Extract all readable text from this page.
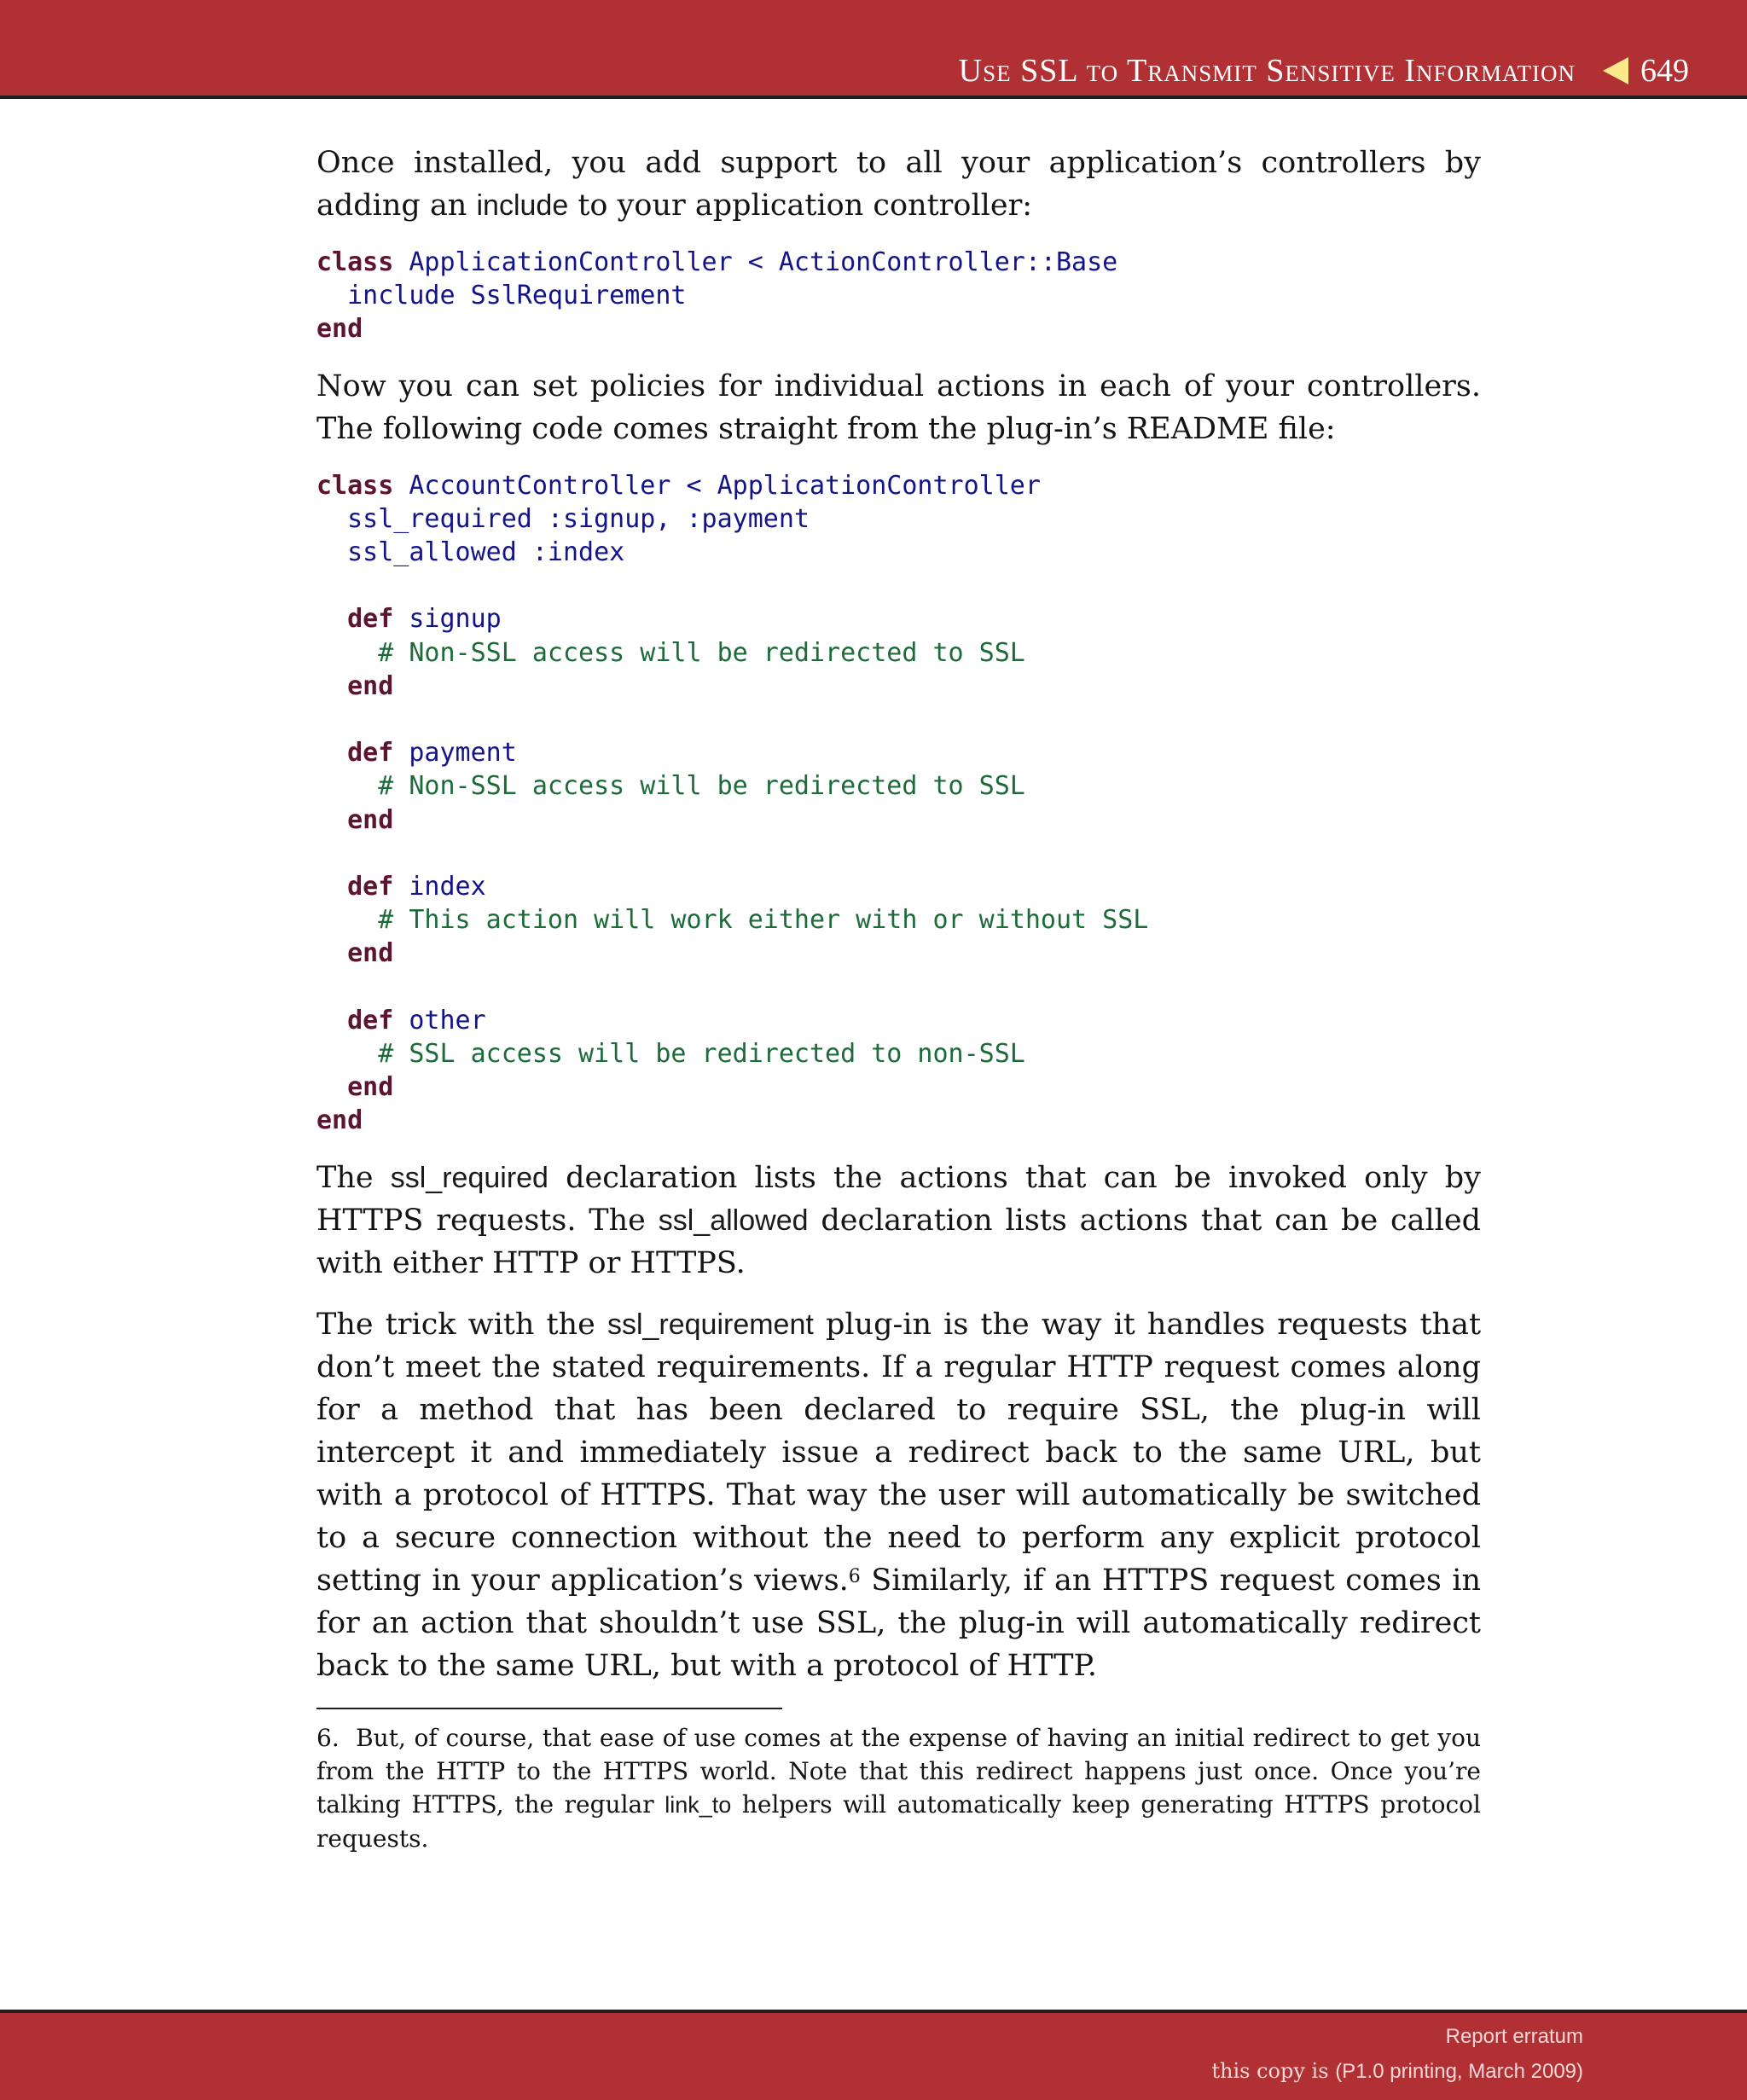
Use SSL to Transmit Sensitive Information 649

Once installed, you add support to all your application’s controllers by adding an include to your application controller:

class ApplicationController < ActionController::Base
include SslRequirement
end

Now you can set policies for individual actions in each of your controllers. The following code comes straight from the plug-in’s README file:

class AccountController < ApplicationController
ssl_required :signup, :payment
ssl_allowed :index

def signup
# Non-SSL access will be redirected to SSL
end

def payment
# Non-SSL access will be redirected to SSL
end

def index
# This action will work either with or without SSL
end

def other
# SSL access will be redirected to non-SSL
end
end

The ssl_required declaration lists the actions that can be invoked only by HTTPS requests. The ssl_allowed declaration lists actions that can be called with either HTTP or HTTPS.

The trick with the ssl_requirement plug-in is the way it handles requests that don’t meet the stated requirements. If a regular HTTP request comes along for a method that has been declared to require SSL, the plug-in will intercept it and immediately issue a redirect back to the same URL, but with a protocol of HTTPS. That way the user will automatically be switched to a secure connection without the need to perform any explicit protocol setting in your application’s views.$^6$ Similarly, if an HTTPS request comes in for an action that shouldn’t use SSL, the plug-in will automatically redirect back to the same URL, but with a protocol of HTTP.

6. But, of course, that ease of use comes at the expense of having an initial redirect to get you from the HTTP to the HTTPS world. Note that this redirect happens just once. Once you’re talking HTTPS, the regular link_to helpers will automatically keep generating HTTPS protocol requests.

Report erratum
this copy is (P1.0 printing, March 2009)
